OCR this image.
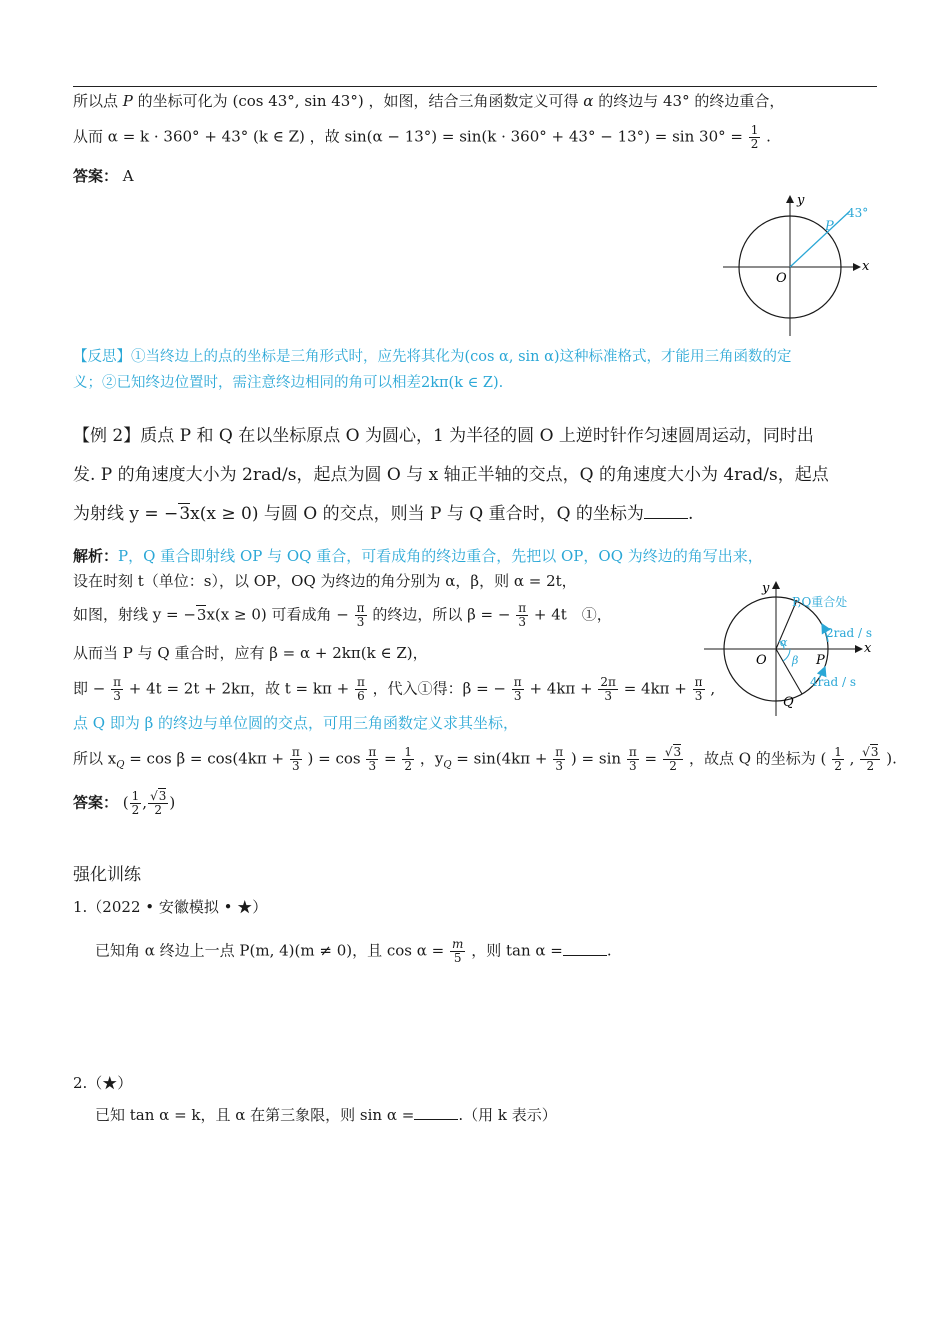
所以点 P 的坐标可化为 (cos 43°, sin 43°) ，如图，结合三角函数定义可得 α 的终边与 43° 的终边重合，
从而 α = k · 360° + 43° (k ∈ Z) ，故 $\sin(\alpha - 13^\circ) = \sin(k \cdot 360^\circ + 43^\circ - 13^\circ) = \sin 30^\circ = \frac{1}{2}$ .
答案： A
y
x
O
P
43°
【反思】①当终边上的点的坐标是三角形式时，应先将其化为(cos α, sin α)这种标准格式，才能用三角函数的定
义；②已知终边位置时，需注意终边相同的角可以相差2kπ(k ∈ Z).
【例 2】质点 P 和 Q 在以坐标原点 O 为圆心，1 为半径的圆 O 上逆时针作匀速圆周运动，同时出
发. P 的角速度大小为 2rad/s，起点为圆 O 与 x 轴正半轴的交点，Q 的角速度大小为 4rad/s，起点
为射线 y = −3x(x ≥ 0) 与圆 O 的交点，则当 P 与 Q 重合时，Q 的坐标为	.
解析：P，Q 重合即射线 OP 与 OQ 重合，可看成角的终边重合，先把以 OP，OQ 为终边的角写出来，
设在时刻 t（单位：s），以 OP，OQ 为终边的角分别为 α，β，则 α = 2t，
如图，射线 y = −3x(x ≥ 0) 可看成角 − $\frac{\pi}{3}$ 的终边，所以 β = − $\frac{\pi}{3} + 4t$　①，
从而当 P 与 Q 重合时，应有 β = α + 2kπ(k ∈ Z)，
即 − $\frac{\pi}{3} + 4t = 2t + 2k\pi$，故 $t = k\pi + \frac{\pi}{6}$ ，代入①得：β = − $\frac{\pi}{3} + 4k\pi + \frac{2\pi}{3} = 4k\pi + \frac{\pi}{3}$ ,
点 Q 即为 β 的终边与单位圆的交点，可用三角函数定义求其坐标，
所以 $x_Q = \cos \beta = \cos(4k\pi + \frac{\pi}{3}$ ) = $\cos \frac{\pi}{3} = \frac{1}{2}$ ，$y_Q = \sin(4k\pi + \frac{\pi}{3}$ ) = $\sin \frac{\pi}{3} = \frac{√3}{2}$ ，故点 Q 的坐标为 ( $\frac{1}{2}$ , $\frac{√3}{2}$ ).
答案： ( $\frac{1}{2}$ , $\frac{√3}{2}$ )
y
x
O	P
Q
P,Q重合处
2rad / s
4rad / s
α
β
强化训练
1.（2022 • 安徽模拟 • ★）
已知角 α 终边上一点 P(m, 4)(m ≠ 0)，且 $\cos \alpha = \frac{m}{5}$ ，则 tan α =	.
2.（★）
已知 tan α = k，且 α 在第三象限，则 sin α =	.（用 k 表示）
